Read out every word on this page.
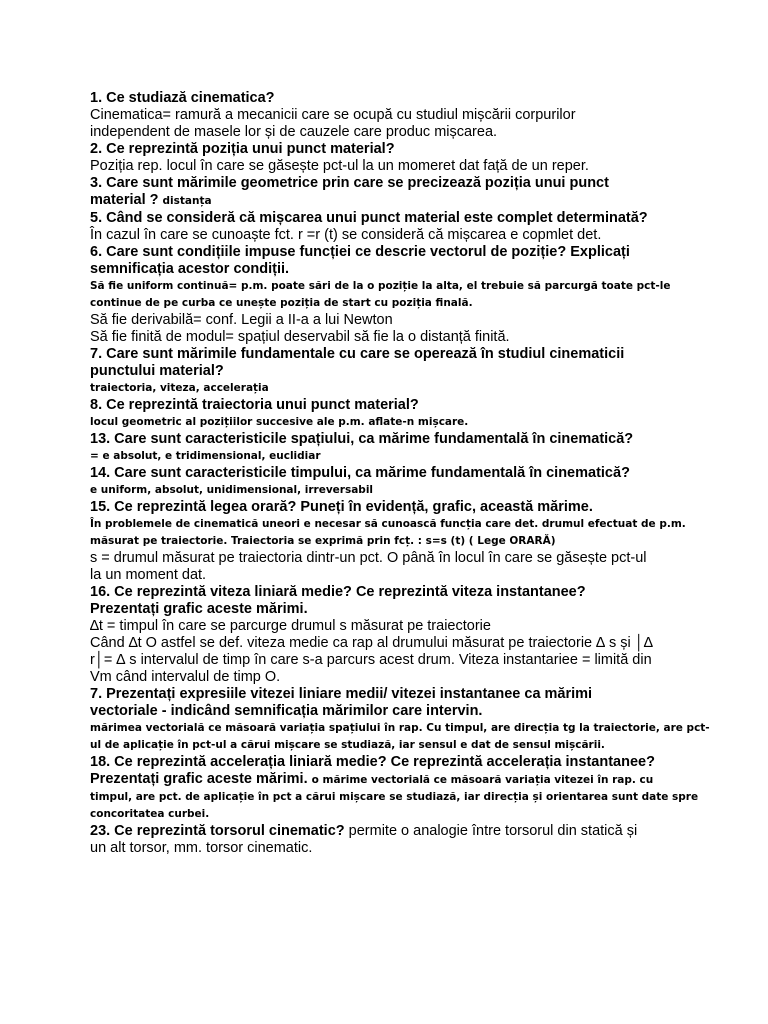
1. Ce studiază cinematica?
Cinematica= ramură a mecanicii care se ocupă cu studiul mișcării corpurilor
independent de masele lor și de cauzele care produc mișcarea.
2. Ce reprezintă poziția unui punct material?
Poziția rep. locul în care se găsește pct-ul la un momeret dat față de un reper.
3. Care sunt mărimile geometrice prin care se precizează poziția unui punct
material ? distanța
5. Când se consideră că mișcarea unui punct material este complet determinată?
În cazul în care se cunoaște fct. r =r (t) se consideră că mișcarea e copmlet det.
6. Care sunt condițiile impuse funcției ce descrie vectorul de poziție? Explicați
semnificația acestor condiții.
Să fie uniform continuă= p.m. poate sări de la o poziție la alta, el trebuie să parcurgă toate pct-le
continue de pe curba ce unește poziția de start cu poziția finală.
Să fie derivabilă= conf. Legii a II-a a lui Newton
Să fie finită de modul= spațiul deservabil să fie la o distanță finită.
7. Care sunt mărimile fundamentale cu care se operează în studiul cinematicii
punctului material?
traiectoria, viteza, accelerația
8. Ce reprezintă traiectoria unui punct material?
locul geometric al pozițiilor succesive ale p.m. aflate-n mișcare.
13. Care sunt caracteristicile spațiului, ca mărime fundamentală în cinematică?
= e absolut, e tridimensional, euclidiar
14. Care sunt caracteristicile timpului, ca mărime fundamentală în cinematică?
e uniform, absolut, unidimensional, irreversabil
15. Ce reprezintă legea orară? Puneți în evidență, grafic, această mărime.
În problemele de cinematică uneori e necesar să cunoască funcția care det. drumul efectuat de p.m.
măsurat pe traiectorie. Traiectoria se exprimă prin fcț. : s=s (t) ( Lege ORARĂ)
s = drumul măsurat pe traiectoria dintr-un pct. O până în locul în care se găsește pct-ul
la un moment dat.
16. Ce reprezintă viteza liniară medie? Ce reprezintă viteza instantanee?
Prezentați grafic aceste mărimi.
∆t = timpul în care se parcurge drumul s măsurat pe traiectorie
Când ∆t O astfel se def. viteza medie ca rap al drumului măsurat pe traiectorie ∆ s și │∆
r│= ∆ s intervalul de timp în care s-a parcurs acest drum. Viteza instantariee = limită din
Vm când intervalul de timp O.
7. Prezentați expresiile vitezei liniare medii/ vitezei instantanee ca mărimi
vectoriale - indicând semnificația mărimilor care intervin.
mărimea vectorială ce măsoară variația spațiului în rap. Cu timpul, are direcția tg la traiectorie, are pct-
ul de aplicație în pct-ul a cărui mișcare se studiază, iar sensul e dat de sensul mișcării.
18. Ce reprezintă accelerația liniară medie? Ce reprezintă accelerația instantanee?
Prezentați grafic aceste mărimi. o mărime vectorială ce măsoară variația vitezei în rap. cu
timpul, are pct. de aplicație în pct a cărui mișcare se studiază, iar direcția și orientarea sunt date spre
concoritatea curbei.
23. Ce reprezintă torsorul cinematic? permite o analogie între torsorul din statică și
un alt torsor, mm. torsor cinematic.
